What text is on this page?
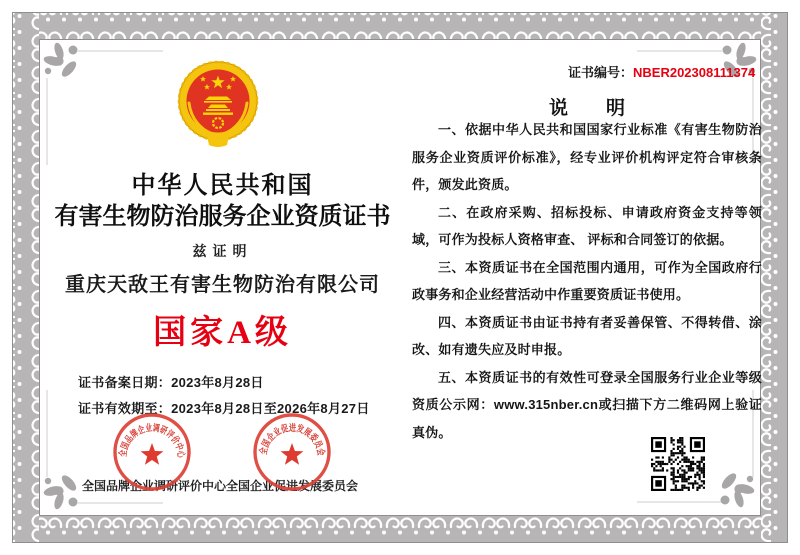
中华人民共和国
有害生物防治服务企业资质证书
兹证明
重庆天敌王有害生物防治有限公司
国家A级
证书备案日期：2023年8月28日
证书有效期至：2023年8月28日至2026年8月27日
全国品牌企业调研评价中心 全国企业促进发展委员会
全国品牌企业调研评价中心	全国企业促进发展委员会
证书编号：NBER202308111374
说　　明

一、依据中华人民共和国国家行业标准《有害生物防治服务企业资质评价标准》，经专业评价机构评定符合审核条件，颁发此资质。

二、在政府采购、招标投标、申请政府资金支持等领域，可作为投标人资格审查、 评标和合同签订的依据。

三、本资质证书在全国范围内通用，可作为全国政府行政事务和企业经营活动中作重要资质证书使用。

四、本资质证书由证书持有者妥善保管、不得转借、涂改、如有遗失应及时申报。

五、本资质证书的有效性可登录全国服务行业企业等级资质公示网：www.315nber.cn或扫描下方二维码网上验证真伪。
